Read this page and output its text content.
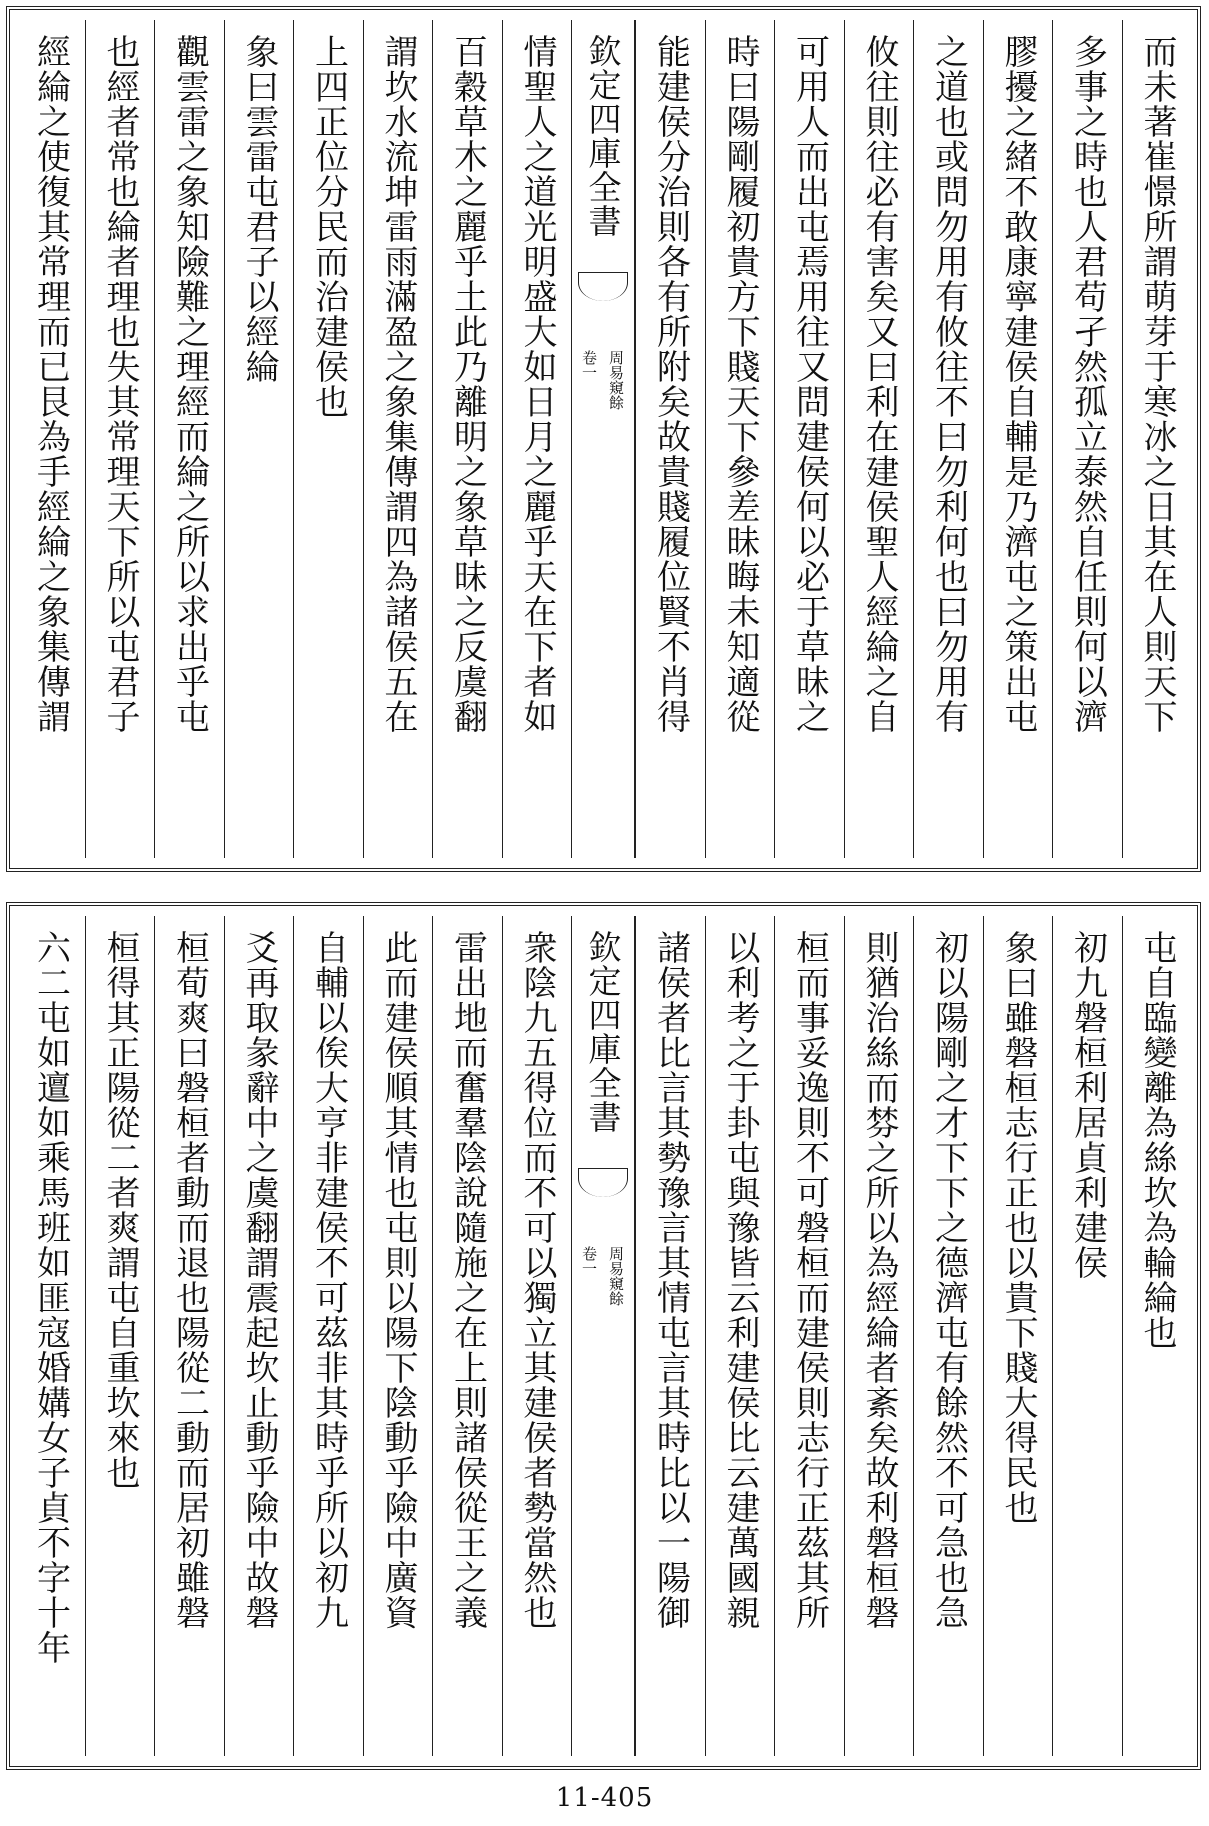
而未著崔憬所謂萌芽于寒冰之日其在人則天下
多事之時也人君苟孑然孤立泰然自任則何以濟
膠擾之緒不敢康寧建侯自輔是乃濟屯之策出屯
之道也或問勿用有攸往不曰勿利何也曰勿用有
攸往則往必有害矣又曰利在建侯聖人經綸之自
可用人而出屯焉用往又問建侯何以必于草昧之
時曰陽剛履初貴方下賤天下參差昧晦未知適從
能建侯分治則各有所附矣故貴賤履位賢不肖得
欽定四庫全書
周易窺餘
卷一
情聖人之道光明盛大如日月之麗乎天在下者如
百穀草木之麗乎土此乃離明之象草昧之反虞翻
謂坎水流坤雷雨滿盈之象集傳謂四為諸侯五在
上四正位分民而治建侯也
象曰雲雷屯君子以經綸
觀雲雷之象知險難之理經而綸之所以求出乎屯
也經者常也綸者理也失其常理天下所以屯君子
經綸之使復其常理而已艮為手經綸之象集傳謂
屯自臨變離為絲坎為輪綸也
初九磐桓利居貞利建侯
象曰雖磐桓志行正也以貴下賤大得民也
初以陽剛之才下下之德濟屯有餘然不可急也急
則猶治絲而棼之所以為經綸者紊矣故利磐桓磐
桓而事妥逸則不可磐桓而建侯則志行正茲其所
以利考之于卦屯與豫皆云利建侯比云建萬國親
諸侯者比言其勢豫言其情屯言其時比以一陽御
欽定四庫全書
周易窺餘
卷一
衆陰九五得位而不可以獨立其建侯者勢當然也
雷出地而奮羣陰說隨施之在上則諸侯從王之義
此而建侯順其情也屯則以陽下陰動乎險中廣資
自輔以俟大亨非建侯不可茲非其時乎所以初九
爻再取彖辭中之虞翻謂震起坎止動乎險中故磐
桓荀爽曰磐桓者動而退也陽從二動而居初雖磐
桓得其正陽從二者爽謂屯自重坎來也
六二屯如邅如乘馬班如匪寇婚媾女子貞不字十年
11-405
